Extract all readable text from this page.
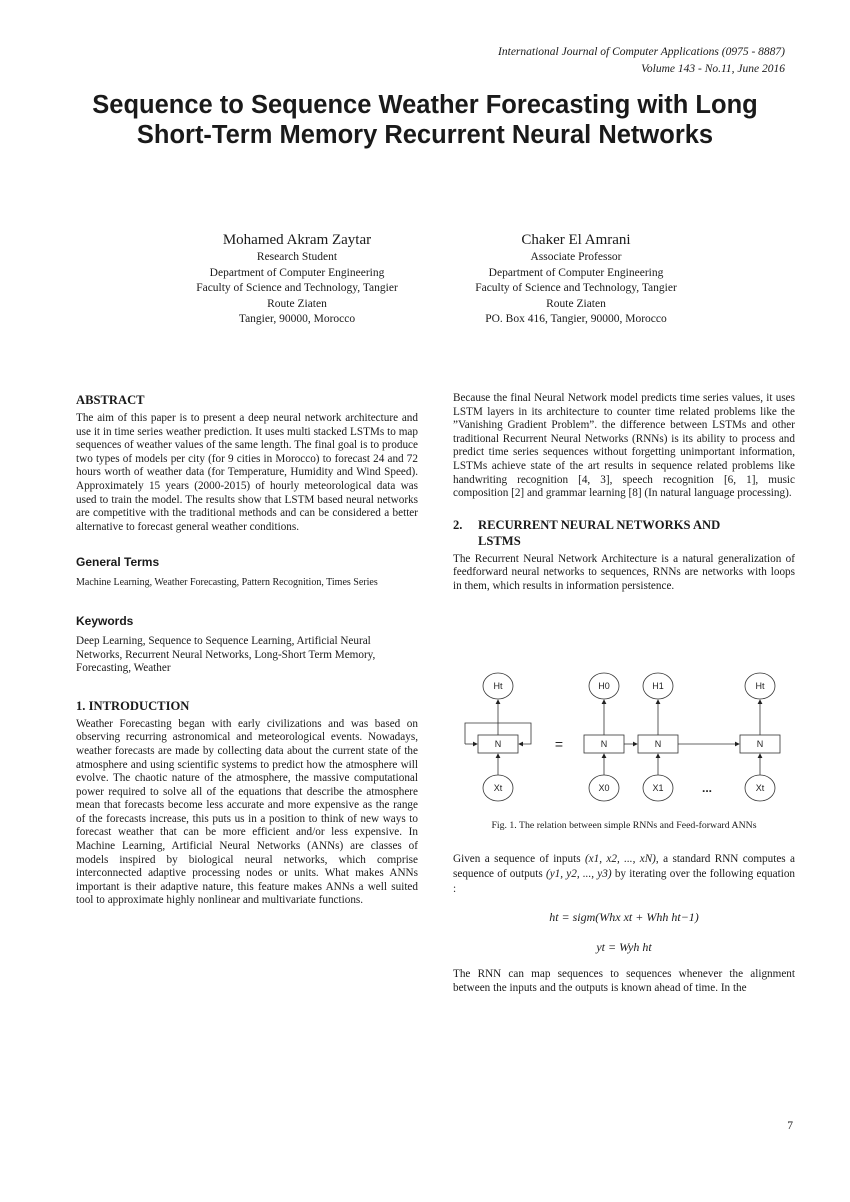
International Journal of Computer Applications (0975 - 8887)
Volume 143 - No.11, June 2016
Sequence to Sequence Weather Forecasting with Long
Short-Term Memory Recurrent Neural Networks
Mohamed Akram Zaytar
Research Student
Department of Computer Engineering
Faculty of Science and Technology, Tangier
Route Ziaten
Tangier, 90000, Morocco
Chaker El Amrani
Associate Professor
Department of Computer Engineering
Faculty of Science and Technology, Tangier
Route Ziaten
PO. Box 416, Tangier, 90000, Morocco
ABSTRACT

The aim of this paper is to present a deep neural network architecture and use it in time series weather prediction. It uses multi stacked LSTMs to map sequences of weather values of the same length. The final goal is to produce two types of models per city (for 9 cities in Morocco) to forecast 24 and 72 hours worth of weather data (for Temperature, Humidity and Wind Speed). Approximately 15 years (2000-2015) of hourly meteorological data was used to train the model. The results show that LSTM based neural networks are competitive with the traditional methods and can be considered a better alternative to forecast general weather conditions.

General Terms

Machine Learning, Weather Forecasting, Pattern Recognition, Times Series

Keywords

Deep Learning, Sequence to Sequence Learning, Artificial Neural Networks, Recurrent Neural Networks, Long-Short Term Memory, Forecasting, Weather

1. INTRODUCTION

Weather Forecasting began with early civilizations and was based on observing recurring astronomical and meteorological events. Nowadays, weather forecasts are made by collecting data about the current state of the atmosphere and using scientific systems to predict how the atmosphere will evolve. The chaotic nature of the atmosphere, the massive computational power required to solve all of the equations that describe the atmosphere mean that forecasts become less accurate and more expensive as the range of the forecasts increase, this puts us in a position to think of new ways to forecast weather that can be more efficient and/or less expensive. In Machine Learning, Artificial Neural Networks (ANNs) are classes of models inspired by biological neural networks, which comprise interconnected adaptive processing nodes or units. What makes ANNs important is their adaptive nature, this feature makes ANNs a well suited tool to approximate highly nonlinear and multivariate functions.

Because the final Neural Network model predicts time series values, it uses LSTM layers in its architecture to counter time related problems like the ”Vanishing Gradient Problem”. the difference between LSTMs and other traditional Recurrent Neural Networks (RNNs) is its ability to process and predict time series sequences without forgetting unimportant information, LSTMs achieve state of the art results in sequence related problems like handwriting recognition [4, 3], speech recognition [6, 1], music composition [2] and grammar learning [8] (In natural language processing).

2.	RECURRENT NEURAL NETWORKS AND
LSTMS

The Recurrent Neural Network Architecture is a natural generalization of feedforward neural networks to sequences, RNNs are networks with loops in them, which results in information persistence.

Ht	H0	H1	Ht
N	N	N	N
Xt	X0	X1	Xt
=
...
Fig. 1. The relation between simple RNNs and Feed-forward ANNs

Given a sequence of inputs (x1, x2, ..., xN), a standard RNN computes a sequence of outputs (y1, y2, ..., y3) by iterating over the following equation :

ht = sigm(Whx xt + Whh ht−1)
yt = Wyh ht

The RNN can map sequences to sequences whenever the alignment between the inputs and the outputs is known ahead of time. In the

7
